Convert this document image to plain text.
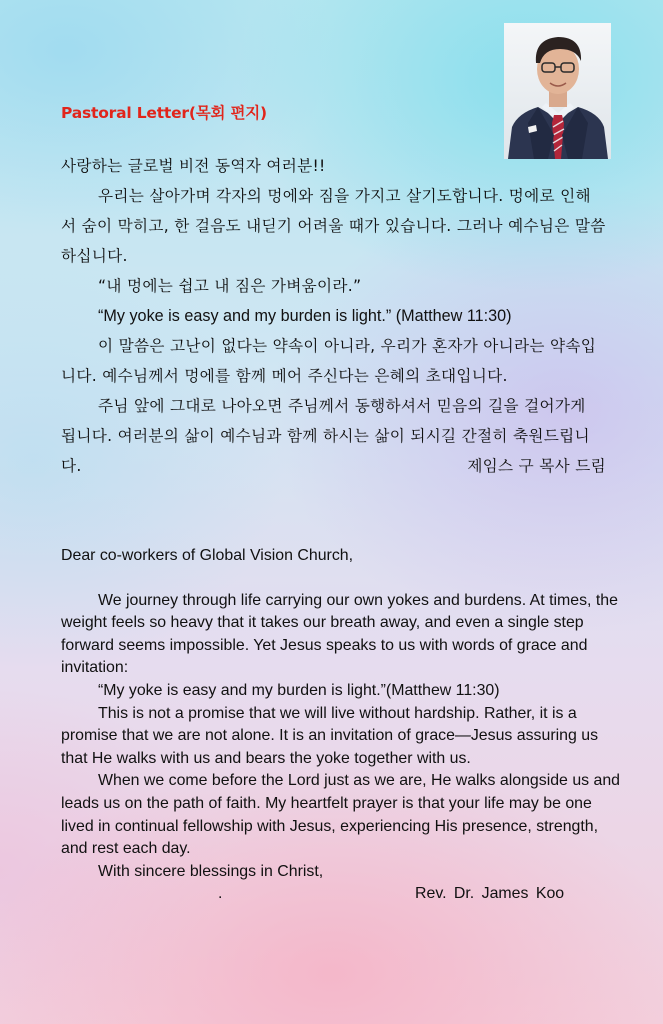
Pastoral Letter(목회 편지)

사랑하는 글로벌 비전 동역자 여러분!!

우리는 살아가며 각자의 멍에와 짐을 가지고 살기도합니다. 멍에로 인해서 숨이 막히고, 한 걸음도 내딛기 어려울 때가 있습니다. 그러나 예수님은 말씀하십니다.

“내 멍에는 쉽고 내 짐은 가벼움이라.”

“My yoke is easy and my burden is light.” (Matthew 11:30)

이 말씀은 고난이 없다는 약속이 아니라, 우리가 혼자가 아니라는 약속입니다. 예수님께서 멍에를 함께 메어 주신다는 은혜의 초대입니다.

주님 앞에 그대로 나아오면 주님께서 동행하셔서 믿음의 길을 걸어가게 됩니다. 여러분의 삶이 예수님과 함께 하시는 삶이 되시길 간절히 축원드립니다.	제임스 구 목사 드림

Dear co-workers of Global Vision Church,

We journey through life carrying our own yokes and burdens. At times, the weight feels so heavy that it takes our breath away, and even a single step forward seems impossible. Yet Jesus speaks to us with words of grace and invitation:

“My yoke is easy and my burden is light.”(Matthew 11:30)

This is not a promise that we will live without hardship. Rather, it is a promise that we are not alone. It is an invitation of grace—Jesus assuring us that He walks with us and bears the yoke together with us.

When we come before the Lord just as we are, He walks alongside us and leads us on the path of faith. My heartfelt prayer is that your life may be one lived in continual fellowship with Jesus, experiencing His presence, strength, and rest each day.

With sincere blessings in Christ,

.	Rev. Dr. James Koo
